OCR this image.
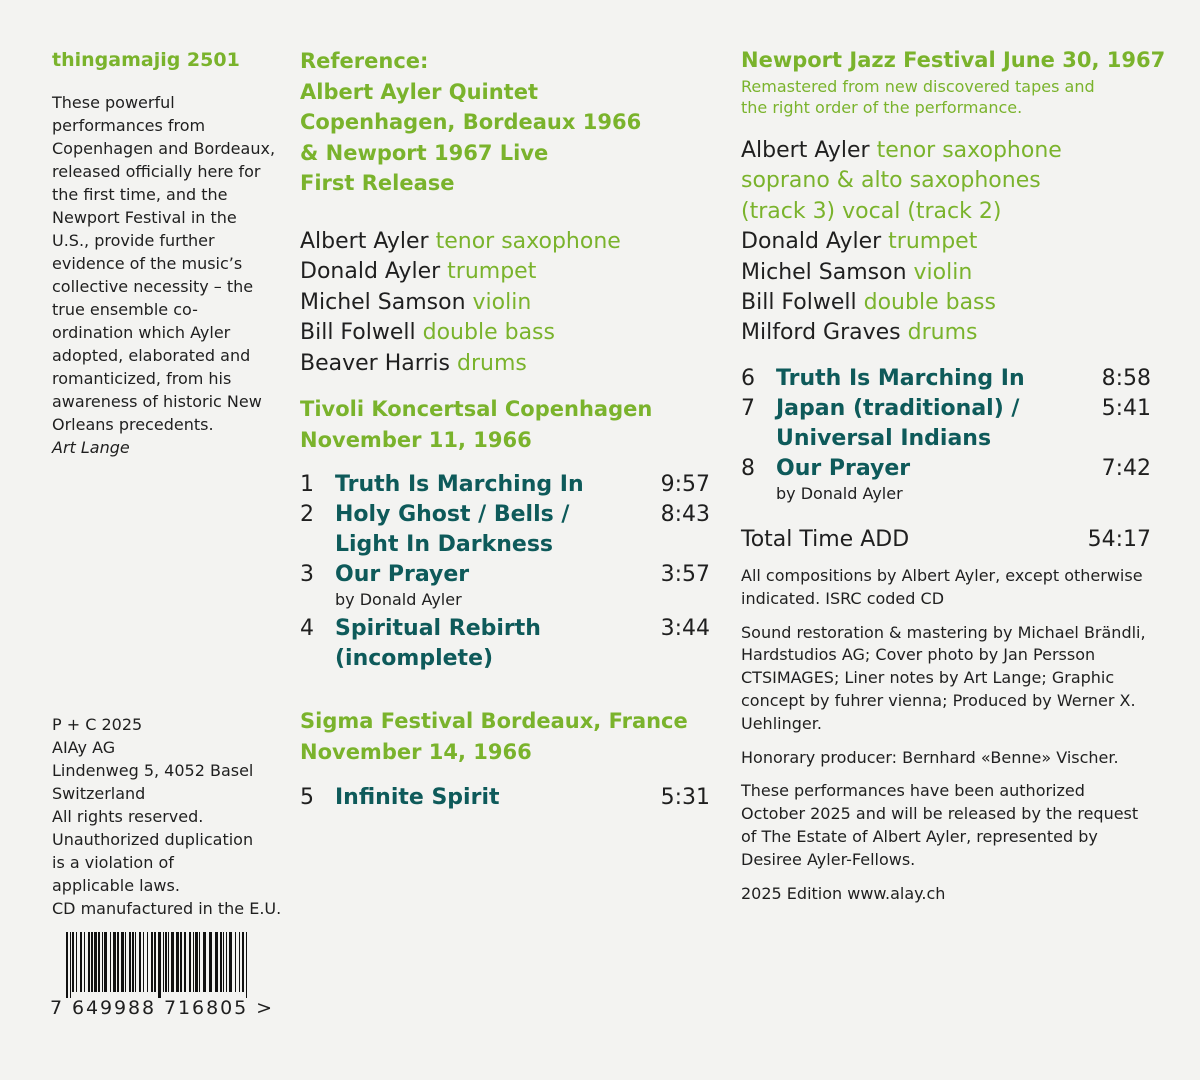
thingamajig 2501
These powerful performances from Copenhagen and Bordeaux, released officially here for the first time, and the Newport Festival in the U.S., provide further evidence of the music’s collective necessity – the true ensemble co-ordination which Ayler adopted, elaborated and romanticized, from his awareness of historic New Orleans precedents.
Art Lange
P + C 2025
AIAy AG
Lindenweg 5, 4052 Basel
Switzerland
All rights reserved.
Unauthorized duplication
is a violation of
applicable laws.
CD manufactured in the E.U.
7 649988 716805 >
Reference:
Albert Ayler Quintet
Copenhagen, Bordeaux 1966
& Newport 1967 Live
First Release
Albert Ayler tenor saxophone
Donald Ayler trumpet
Michel Samson violin
Bill Folwell double bass
Beaver Harris drums
Tivoli Koncertsal Copenhagen
November 11, 1966
1 Truth Is Marching In	9:57
2 Holy Ghost / Bells /
Light In Darkness
8:43
3 Our Prayer	3:57
by Donald Ayler
4 Spiritual Rebirth
(incomplete)
3:44
Sigma Festival Bordeaux, France
November 14, 1966
5 Infinite Spirit	5:31
Newport Jazz Festival June 30, 1967
Remastered from new discovered tapes and
the right order of the performance.
Albert Ayler tenor saxophone
soprano & alto saxophones
(track 3) vocal (track 2)
Donald Ayler trumpet
Michel Samson violin
Bill Folwell double bass
Milford Graves drums
6 Truth Is Marching In	8:58
7 Japan (traditional) /
Universal Indians
5:41
8 Our Prayer	7:42
by Donald Ayler
Total Time ADD	54:17

All compositions by Albert Ayler, except otherwise indicated. ISRC coded CD

Sound restoration & mastering by Michael Brändli, Hardstudios AG; Cover photo by Jan Persson CTSIMAGES; Liner notes by Art Lange; Graphic concept by fuhrer vienna; Produced by Werner X. Uehlinger.

Honorary producer: Bernhard «Benne» Vischer.

These performances have been authorized October 2025 and will be released by the request of The Estate of Albert Ayler, represented by Desiree Ayler-Fellows.

2025 Edition www.alay.ch
